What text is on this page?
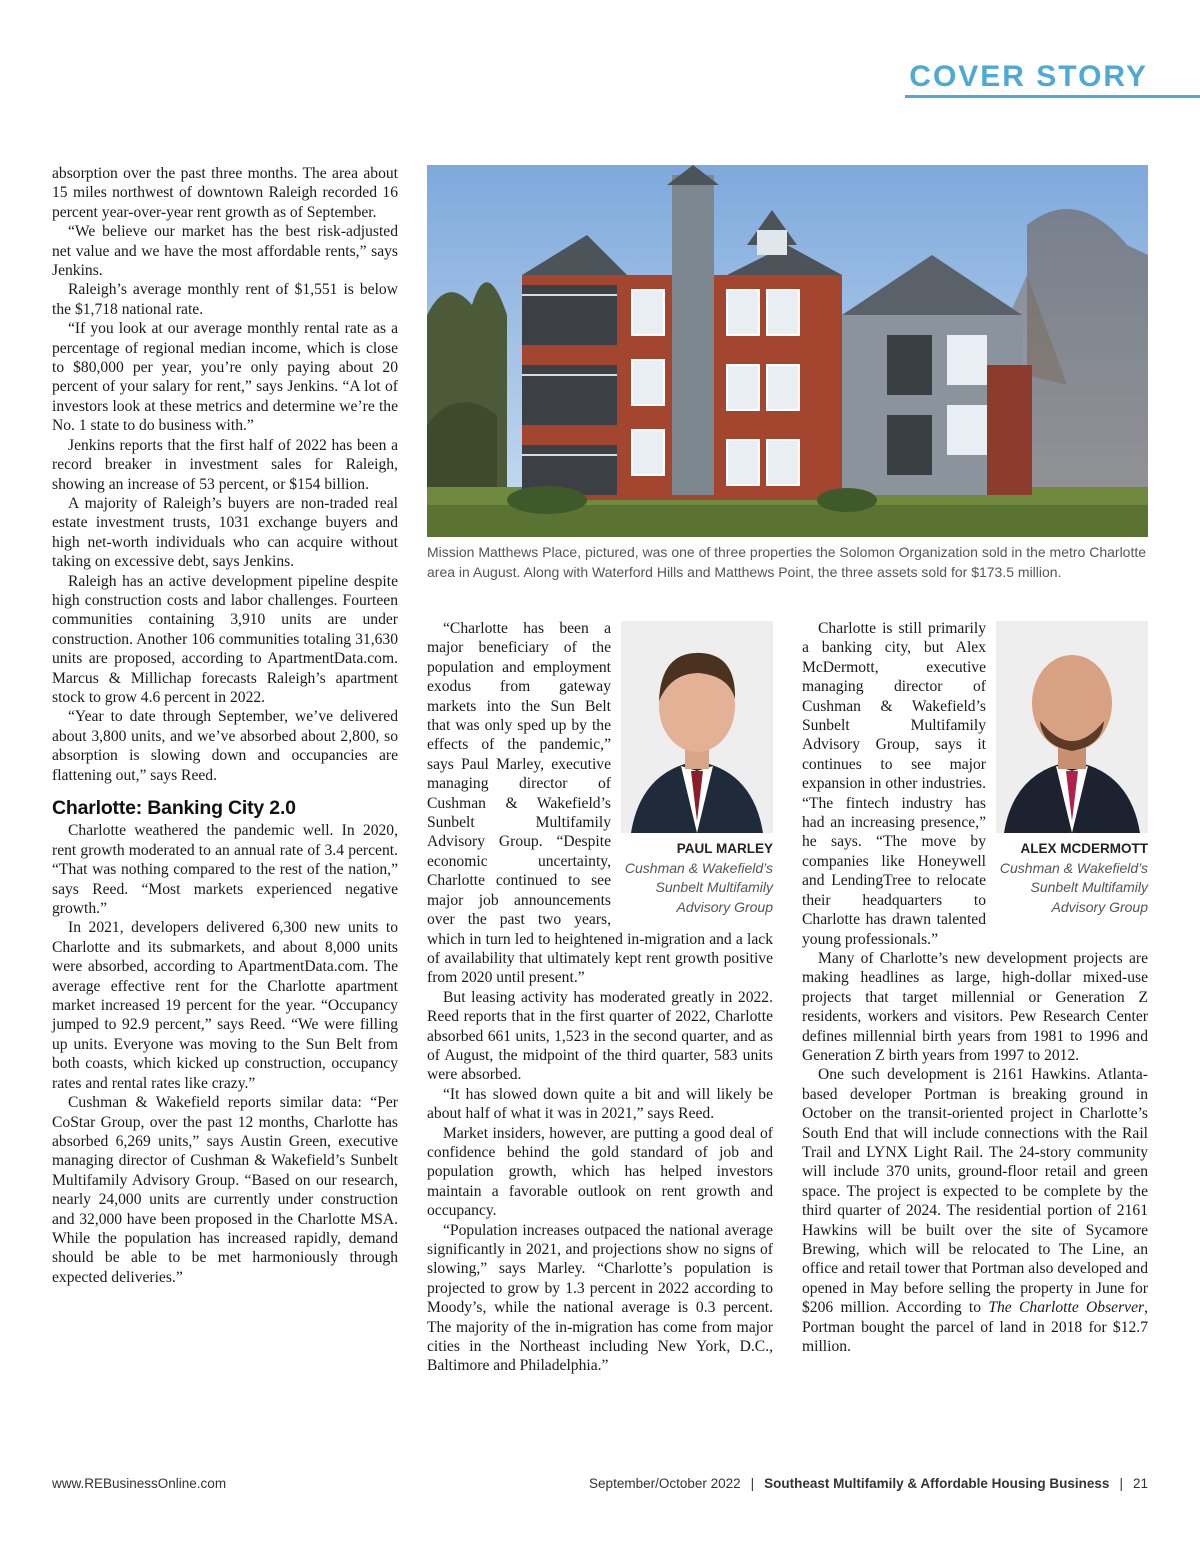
COVER STORY

absorption over the past three months. The area about 15 miles northwest of downtown Raleigh recorded 16 percent year-over-year rent growth as of September.

“We believe our market has the best risk-adjusted net value and we have the most affordable rents,” says Jenkins.

Raleigh’s average monthly rent of $1,551 is below the $1,718 national rate.

“If you look at our average monthly rental rate as a percentage of regional median income, which is close to $80,000 per year, you’re only paying about 20 percent of your salary for rent,” says Jenkins. “A lot of investors look at these metrics and determine we’re the No. 1 state to do business with.”

Jenkins reports that the first half of 2022 has been a record breaker in investment sales for Raleigh, showing an increase of 53 percent, or $154 billion.

A majority of Raleigh’s buyers are non-traded real estate investment trusts, 1031 exchange buyers and high net-worth individuals who can acquire without taking on excessive debt, says Jenkins.

Raleigh has an active development pipeline despite high construction costs and labor challenges. Fourteen communities containing 3,910 units are under construction. Another 106 communities totaling 31,630 units are proposed, according to ApartmentData.com. Marcus & Millichap forecasts Raleigh’s apartment stock to grow 4.6 percent in 2022.

“Year to date through September, we’ve delivered about 3,800 units, and we’ve absorbed about 2,800, so absorption is slowing down and occupancies are flattening out,” says Reed.

Charlotte: Banking City 2.0

Charlotte weathered the pandemic well. In 2020, rent growth moderated to an annual rate of 3.4 percent. “That was nothing compared to the rest of the nation,” says Reed. “Most markets experienced negative growth.”

In 2021, developers delivered 6,300 new units to Charlotte and its submarkets, and about 8,000 units were absorbed, according to ApartmentData.com. The average effective rent for the Charlotte apartment market increased 19 percent for the year. “Occupancy jumped to 92.9 percent,” says Reed. “We were filling up units. Everyone was moving to the Sun Belt from both coasts, which kicked up construction, occupancy rates and rental rates like crazy.”

Cushman & Wakefield reports similar data: “Per CoStar Group, over the past 12 months, Charlotte has absorbed 6,269 units,” says Austin Green, executive managing director of Cushman & Wakefield’s Sunbelt Multifamily Advisory Group. “Based on our research, nearly 24,000 units are currently under construction and 32,000 have been proposed in the Charlotte MSA. While the population has increased rapidly, demand should be able to be met harmoniously through expected deliveries.”

Mission Matthews Place, pictured, was one of three properties the Solomon Organization sold in the metro Charlotte area in August. Along with Waterford Hills and Matthews Point, the three assets sold for $173.5 million.
PAUL MARLEY
Cushman & Wakefield’s Sunbelt Multifamily Advisory Group

“Charlotte has been a major beneficiary of the population and employment exodus from gateway markets into the Sun Belt that was only sped up by the effects of the pandemic,” says Paul Marley, executive managing director of Cushman & Wakefield’s Sunbelt Multifamily Advisory Group. “Despite economic uncertainty, Charlotte continued to see major job announcements over the past two years, which in turn led to heightened in-migration and a lack of availability that ultimately kept rent growth positive from 2020 until present.”

But leasing activity has moderated greatly in 2022. Reed reports that in the first quarter of 2022, Charlotte absorbed 661 units, 1,523 in the second quarter, and as of August, the midpoint of the third quarter, 583 units were absorbed.

“It has slowed down quite a bit and will likely be about half of what it was in 2021,” says Reed.

Market insiders, however, are putting a good deal of confidence behind the gold standard of job and population growth, which has helped investors maintain a favorable outlook on rent growth and occupancy.

“Population increases outpaced the national average significantly in 2021, and projections show no signs of slowing,” says Marley. “Charlotte’s population is projected to grow by 1.3 percent in 2022 according to Moody’s, while the national average is 0.3 percent. The majority of the in-migration has come from major cities in the Northeast including New York, D.C., Baltimore and Philadelphia.”

ALEX MCDERMOTT
Cushman & Wakefield’s Sunbelt Multifamily Advisory Group

Charlotte is still primarily a banking city, but Alex McDermott, executive managing director of Cushman & Wakefield’s Sunbelt Multifamily Advisory Group, says it continues to see major expansion in other industries. “The fintech industry has had an increasing presence,” he says. “The move by companies like Honeywell and LendingTree to relocate their headquarters to Charlotte has drawn talented young professionals.”

Many of Charlotte’s new development projects are making headlines as large, high-dollar mixed-use projects that target millennial or Generation Z residents, workers and visitors. Pew Research Center defines millennial birth years from 1981 to 1996 and Generation Z birth years from 1997 to 2012.

One such development is 2161 Hawkins. Atlanta-based developer Portman is breaking ground in October on the transit-oriented project in Charlotte’s South End that will include connections with the Rail Trail and LYNX Light Rail. The 24-story community will include 370 units, ground-floor retail and green space. The project is expected to be complete by the third quarter of 2024. The residential portion of 2161 Hawkins will be built over the site of Sycamore Brewing, which will be relocated to The Line, an office and retail tower that Portman also developed and opened in May before selling the property in June for $206 million. According to The Charlotte Observer, Portman bought the parcel of land in 2018 for $12.7 million.

www.REBusinessOnline.com	September/October 2022 | Southeast Multifamily & Affordable Housing Business | 21
